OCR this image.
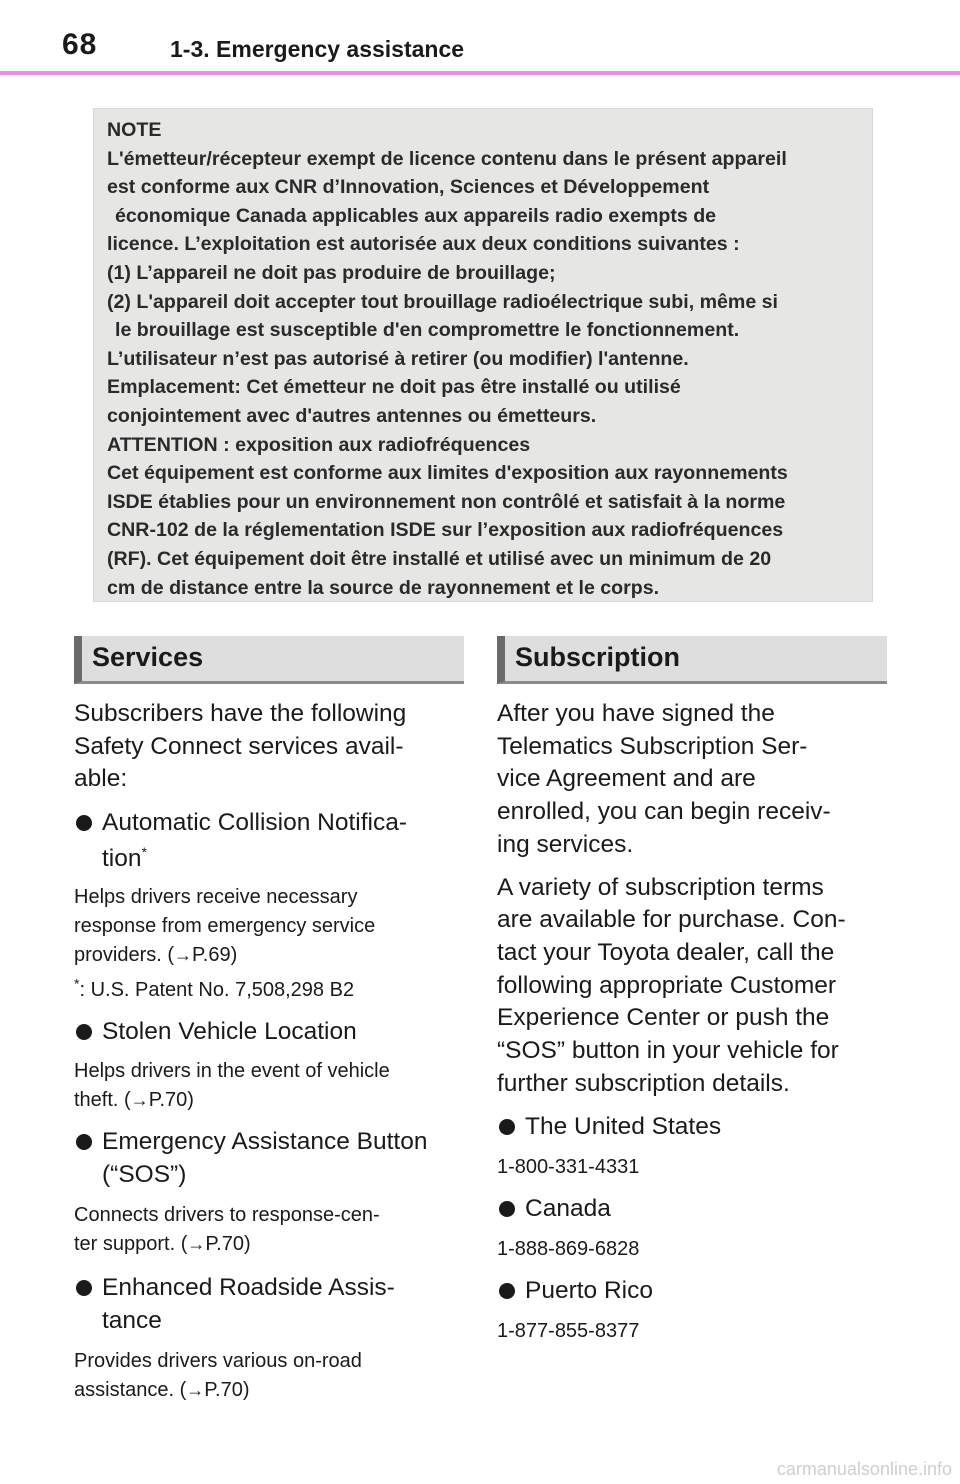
68	1-3. Emergency assistance
NOTE
L'émetteur/récepteur exempt de licence contenu dans le présent appareil
est conforme aux CNR d’Innovation, Sciences et Développement
économique Canada applicables aux appareils radio exempts de
licence. L’exploitation est autorisée aux deux conditions suivantes :
(1) L’appareil ne doit pas produire de brouillage;
(2) L'appareil doit accepter tout brouillage radioélectrique subi, même si
le brouillage est susceptible d'en compromettre le fonctionnement.
L’utilisateur n’est pas autorisé à retirer (ou modifier) l'antenne.
Emplacement: Cet émetteur ne doit pas être installé ou utilisé
conjointement avec d'autres antennes ou émetteurs.
ATTENTION : exposition aux radiofréquences
Cet équipement est conforme aux limites d'exposition aux rayonnements
ISDE établies pour un environnement non contrôlé et satisfait à la norme
CNR-102 de la réglementation ISDE sur l’exposition aux radiofréquences
(RF). Cet équipement doit être installé et utilisé avec un minimum de 20
cm de distance entre la source de rayonnement et le corps.
Services
Subscribers have the following
Safety Connect services avail-
able:
Automatic Collision Notifica-
tion*
Helps drivers receive necessary
response from emergency service
providers. (→P.69)
*: U.S. Patent No. 7,508,298 B2
Stolen Vehicle Location
Helps drivers in the event of vehicle
theft. (→P.70)
Emergency Assistance Button
(“SOS”)
Connects drivers to response-cen-
ter support. (→P.70)
Enhanced Roadside Assis-
tance
Provides drivers various on-road
assistance. (→P.70)
Subscription
After you have signed the
Telematics Subscription Ser-
vice Agreement and are
enrolled, you can begin receiv-
ing services.
A variety of subscription terms
are available for purchase. Con-
tact your Toyota dealer, call the
following appropriate Customer
Experience Center or push the
“SOS” button in your vehicle for
further subscription details.
The United States
1-800-331-4331
Canada
1-888-869-6828
Puerto Rico
1-877-855-8377
carmanualsonline.info
